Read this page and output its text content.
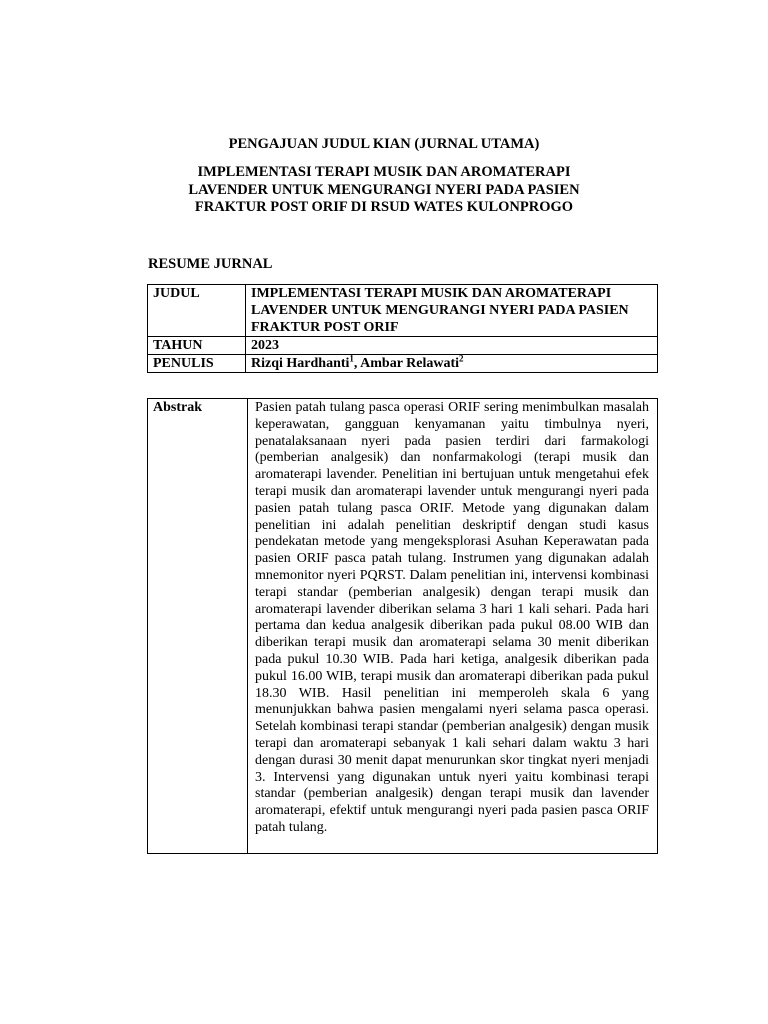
PENGAJUAN JUDUL KIAN (JURNAL UTAMA)
IMPLEMENTASI TERAPI MUSIK DAN AROMATERAPI LAVENDER UNTUK MENGURANGI NYERI PADA PASIEN FRAKTUR POST ORIF DI RSUD WATES KULONPROGO
RESUME JURNAL
JUDUL	IMPLEMENTASI TERAPI MUSIK DAN AROMATERAPI LAVENDER UNTUK MENGURANGI NYERI PADA PASIEN FRAKTUR POST ORIF
TAHUN	2023
PENULIS	Rizqi Hardhanti$^1$, Ambar Relawati$^2$
Abstrak	Pasien patah tulang pasca operasi ORIF sering menimbulkan masalah keperawatan, gangguan kenyamanan yaitu timbulnya nyeri, penatalaksanaan nyeri pada pasien terdiri dari farmakologi (pemberian analgesik) dan nonfarmakologi (terapi musik dan aromaterapi lavender. Penelitian ini bertujuan untuk mengetahui efek terapi musik dan aromaterapi lavender untuk mengurangi nyeri pada pasien patah tulang pasca ORIF. Metode yang digunakan dalam penelitian ini adalah penelitian deskriptif dengan studi kasus pendekatan metode yang mengeksplorasi Asuhan Keperawatan pada pasien ORIF pasca patah tulang. Instrumen yang digunakan adalah mnemonitor nyeri PQRST. Dalam penelitian ini, intervensi kombinasi terapi standar (pemberian analgesik) dengan terapi musik dan aromaterapi lavender diberikan selama 3 hari 1 kali sehari. Pada hari pertama dan kedua analgesik diberikan pada pukul 08.00 WIB dan diberikan terapi musik dan aromaterapi selama 30 menit diberikan pada pukul 10.30 WIB. Pada hari ketiga, analgesik diberikan pada pukul 16.00 WIB, terapi musik dan aromaterapi diberikan pada pukul 18.30 WIB. Hasil penelitian ini memperoleh skala 6 yang menunjukkan bahwa pasien mengalami nyeri selama pasca operasi. Setelah kombinasi terapi standar (pemberian analgesik) dengan musik terapi dan aromaterapi sebanyak 1 kali sehari dalam waktu 3 hari dengan durasi 30 menit dapat menurunkan skor tingkat nyeri menjadi 3. Intervensi yang digunakan untuk nyeri yaitu kombinasi terapi standar (pemberian analgesik) dengan terapi musik dan lavender aromaterapi, efektif untuk mengurangi nyeri pada pasien pasca ORIF patah tulang.
